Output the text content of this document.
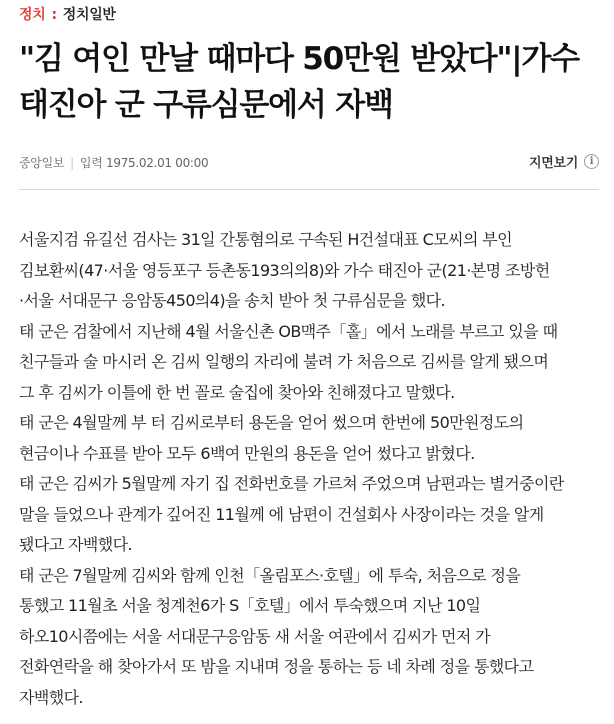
정치 : 정치일반
"김 여인 만날 때마다 50만원 받았다"|가수
태진아 군 구류심문에서 자백
중앙일보 | 입력 1975.02.01 00:00	지면보기	i
서울지검 유길선 검사는 31일 간통혐의로 구속된 H건설대표 C모씨의 부인
김보환씨(47·서울 영등포구 등촌동193의의8)와 가수 태진아 군(21·본명 조방헌
·서울 서대문구 응암동450의4)을 송치 받아 첫 구류심문을 했다.
태 군은 검찰에서 지난해 4월 서울신촌 OB맥주「홀」에서 노래를 부르고 있을 때
친구들과 술 마시러 온 김씨 일행의 자리에 불려 가 처음으로 김씨를 알게 됐으며
그 후 김씨가 이틀에 한 번 꼴로 술집에 찾아와 친해졌다고 말했다.
태 군은 4월말께 부 터 김씨로부터 용돈을 얻어 썼으며 한번에 50만원정도의
현금이나 수표를 받아 모두 6백여 만원의 용돈을 얻어 썼다고 밝혔다.
태 군은 김씨가 5월말께 자기 집 전화번호를 가르쳐 주었으며 남편과는 별거중이란
말을 들었으나 관계가 깊어진 11월께 에 남편이 건설회사 사장이라는 것을 알게
됐다고 자백했다.
태 군은 7월말께 김씨와 함께 인천「올림포스·호텔」에 투숙, 처음으로 정을
통했고 11월초 서울 청계천6가 S「호텔」에서 투숙했으며 지난 10일
하오10시쯤에는 서울 서대문구응암동 새 서울 여관에서 김씨가 먼저 가
전화연락을 해 찾아가서 또 밤을 지내며 정을 통하는 등 네 차례 정을 통했다고
자백했다.
